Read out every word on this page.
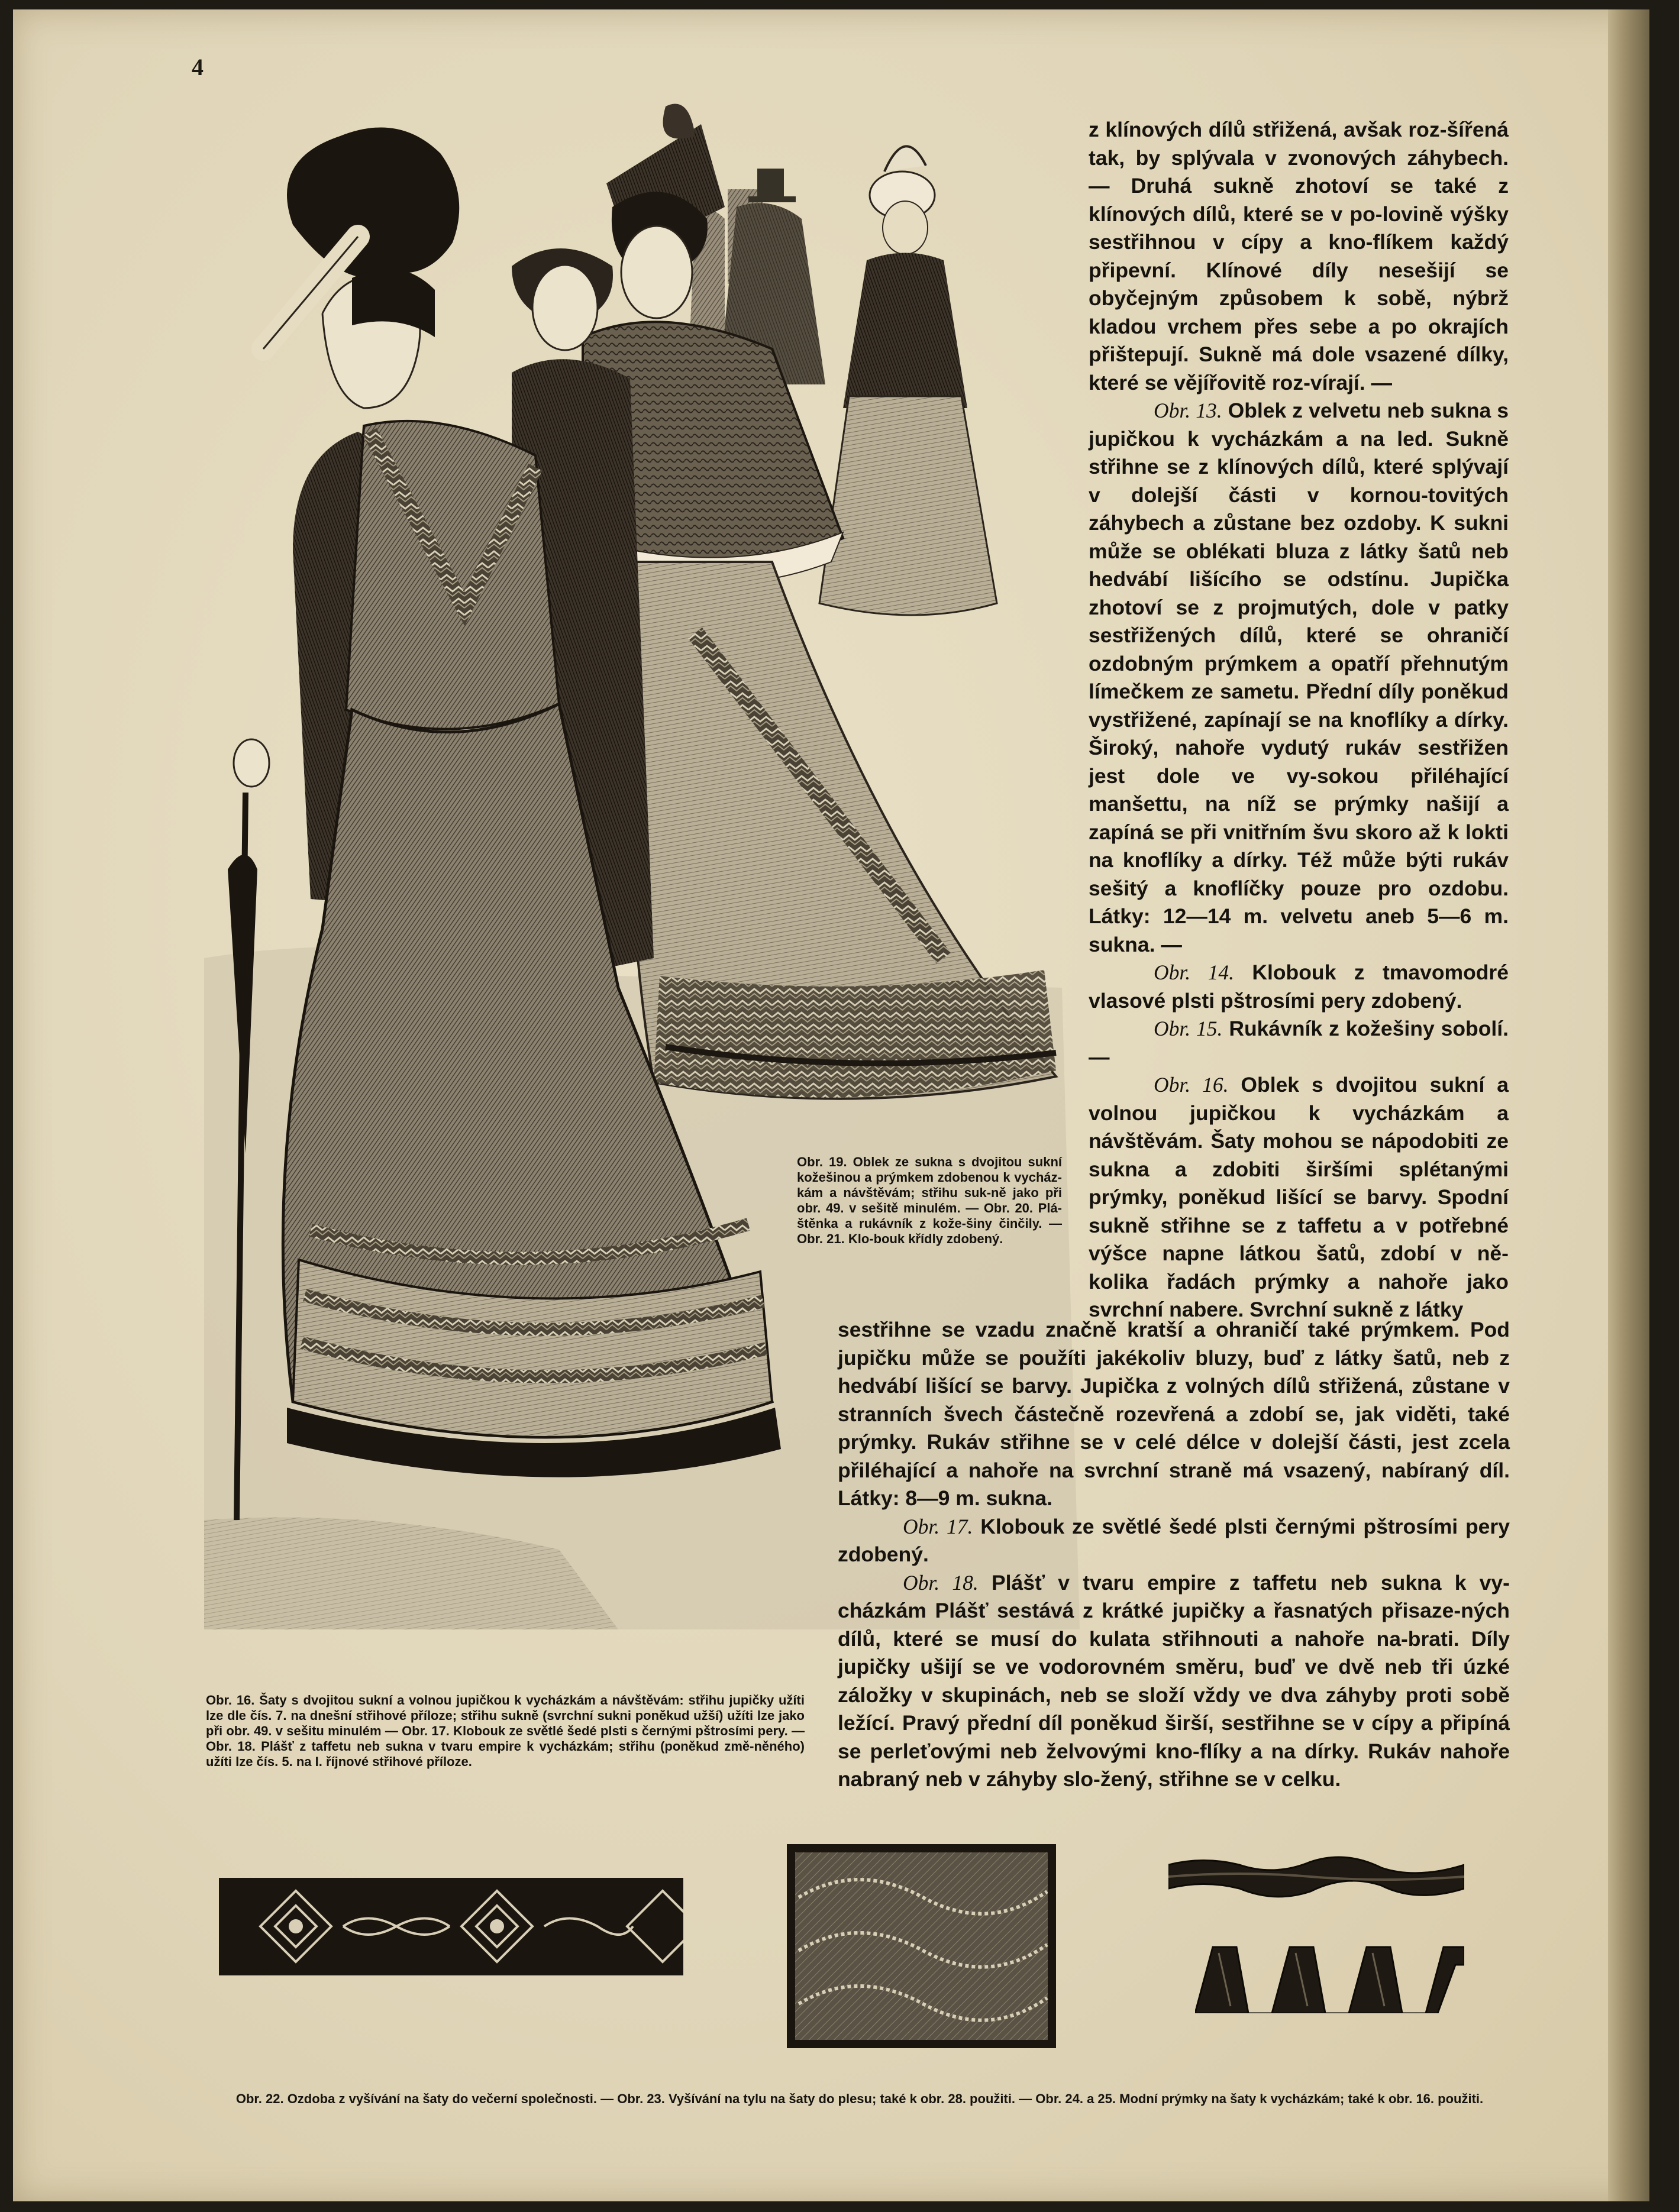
4

z klínových dílů střižená, avšak roz-šířená tak, by splývala v zvonových záhybech. — Druhá sukně zhotoví se také z klínových dílů, které se v po-lovině výšky sestřihnou v cípy a kno-flíkem každý připevní. Klínové díly nesešijí se obyčejným způsobem k sobě, nýbrž kladou vrchem přes sebe a po okrajích přištepují. Sukně má dole vsazené dílky, které se vějířovitě roz-vírají. —

Obr. 13. Oblek z velvetu neb sukna s jupičkou k vycházkám a na led. Sukně střihne se z klínových dílů, které splývají v dolejší části v kornou-tovitých záhybech a zůstane bez ozdoby. K sukni může se oblékati bluza z látky šatů neb hedvábí lišícího se odstínu. Jupička zhotoví se z projmutých, dole v patky sestřižených dílů, které se ohraničí ozdobným prýmkem a opatří přehnutým límečkem ze sametu. Přední díly poněkud vystřižené, zapínají se na knoflíky a dírky. Široký, nahoře vydutý rukáv sestřižen jest dole ve vy-sokou přiléhající manšettu, na níž se prýmky našijí a zapíná se při vnitřním švu skoro až k lokti na knoflíky a dírky. Též může býti rukáv sešitý a knoflíčky pouze pro ozdobu. Látky: 12—14 m. velvetu aneb 5—6 m. sukna. —

Obr. 14. Klobouk z tmavomodré vlasové plsti pštrosími pery zdobený.

Obr. 15. Rukávník z kožešiny sobolí. —

Obr. 16. Oblek s dvojitou sukní a volnou jupičkou k vycházkám a návštěvám. Šaty mohou se nápodobiti ze sukna a zdobiti širšími splétanými prýmky, poněkud lišící se barvy. Spodní sukně střihne se z taffetu a v potřebné výšce napne látkou šatů, zdobí v ně-kolika řadách prýmky a nahoře jako svrchní nabere. Svrchní sukně z látky

sestřihne se vzadu značně kratší a ohraničí také prýmkem. Pod jupičku může se použíti jakékoliv bluzy, buď z látky šatů, neb z hedvábí lišící se barvy. Jupička z volných dílů střižená, zůstane v stranních švech částečně rozevřená a zdobí se, jak viděti, také prýmky. Rukáv střihne se v celé délce v dolejší části, jest zcela přiléhající a nahoře na svrchní straně má vsazený, nabíraný díl. Látky: 8—9 m. sukna.

Obr. 17. Klobouk ze světlé šedé plsti černými pštrosími pery zdobený.

Obr. 18. Plášť v tvaru empire z taffetu neb sukna k vy-cházkám Plášť sestává z krátké jupičky a řasnatých přisaze-ných dílů, které se musí do kulata střihnouti a nahoře na-brati. Díly jupičky ušijí se ve vodorovném směru, buď ve dvě neb tři úzké záložky v skupinách, neb se složí vždy ve dva záhyby proti sobě ležící. Pravý přední díl poněkud širší, sestřihne se v cípy a připíná se perleťovými neb želvovými kno-flíky a na dírky. Rukáv nahoře nabraný neb v záhyby slo-žený, střihne se v celku.

Obr. 19. Oblek ze sukna s dvojitou sukní kožešinou a prýmkem zdobenou k vycház-kám a návštěvám; střihu suk-ně jako při obr. 49. v sešitě minulém. — Obr. 20. Plá-štěnka a rukávník z kože-šiny činčily. — Obr. 21. Klo-bouk křídly zdobený.
Obr. 16. Šaty s dvojitou sukní a volnou jupičkou k vycházkám a návštěvám: střihu jupičky užíti lze dle čís. 7. na dnešní střihové příloze; střihu sukně (svrchní sukni poněkud užší) užíti lze jako při obr. 49. v sešitu minulém — Obr. 17. Klobouk ze světlé šedé plsti s černými pštrosími pery. — Obr. 18. Plášť z taffetu neb sukna v tvaru empire k vycházkám; střihu (poněkud změ-něného) užíti lze čís. 5. na I. říjnové střihové příloze.
Obr. 22. Ozdoba z vyšívání na šaty do večerní společnosti. — Obr. 23. Vyšívání na tylu na šaty do plesu; také k obr. 28. použiti. — Obr. 24. a 25. Modní prýmky na šaty k vycházkám; také k obr. 16. použiti.
